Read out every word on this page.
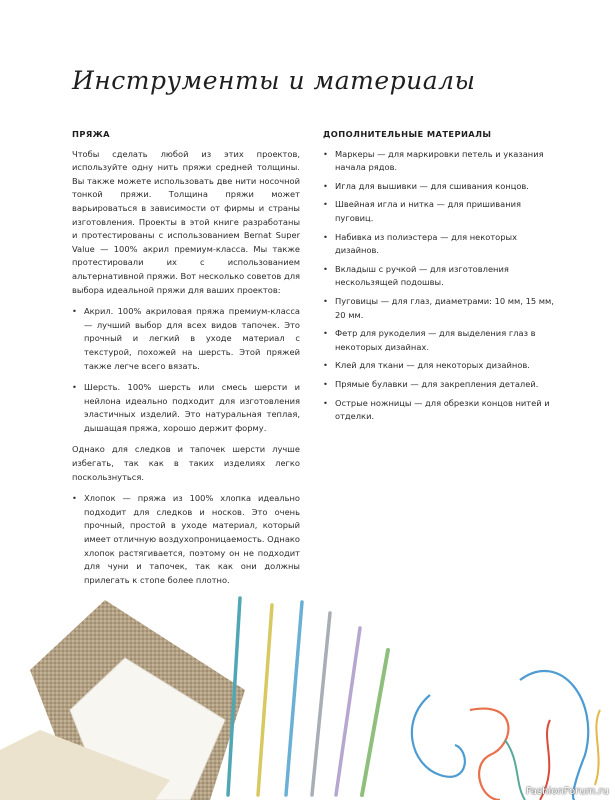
Инструменты и материалы
ПРЯЖА

Чтобы сделать любой из этих проектов, используйте одну нить пряжи средней толщины. Вы также можете использовать две нити носочной тонкой пряжи. Толщина пряжи может варьироваться в зависимости от фирмы и страны изготовления. Проекты в этой книге разработаны и протестированы с использованием Bernat Super Value — 100% акрил премиум-класса. Мы также протестировали их с использованием альтернативной пряжи. Вот несколько советов для выбора идеальной пряжи для ваших проектов:

• Акрил. 100% акриловая пряжа премиум-класса — лучший выбор для всех видов тапочек. Это прочный и легкий в уходе материал с текстурой, похожей на шерсть. Этой пряжей также легче всего вязать.
• Шерсть. 100% шерсть или смесь шерсти и нейлона идеально подходит для изготовления эластичных изделий. Это натуральная теплая, дышащая пряжа, хорошо держит форму.

Однако для следков и тапочек шерсти лучше избегать, так как в таких изделиях легко поскользнуться.

• Хлопок — пряжа из 100% хлопка идеально подходит для следков и носков. Это очень прочный, простой в уходе материал, который имеет отличную воздухопроницаемость. Однако хлопок растягивается, поэтому он не подходит для чуни и тапочек, так как они должны прилегать к стопе более плотно.
ДОПОЛНИТЕЛЬНЫЕ МАТЕРИАЛЫ
• Маркеры — для маркировки петель и указания начала рядов.
• Игла для вышивки — для сшивания концов.
• Швейная игла и нитка — для пришивания пуговиц.
• Набивка из полиэстера — для некоторых дизайнов.
• Вкладыш с ручкой — для изготовления нескользящей подошвы.
• Пуговицы — для глаз, диаметрами: 10 мм, 15 мм, 20 мм.
• Фетр для рукоделия — для выделения глаз в некоторых дизайнах.
• Клей для ткани — для некоторых дизайнов.
• Прямые булавки — для закрепления деталей.
• Острые ножницы — для обрезки концов нитей и отделки.
FashionForum.ru
